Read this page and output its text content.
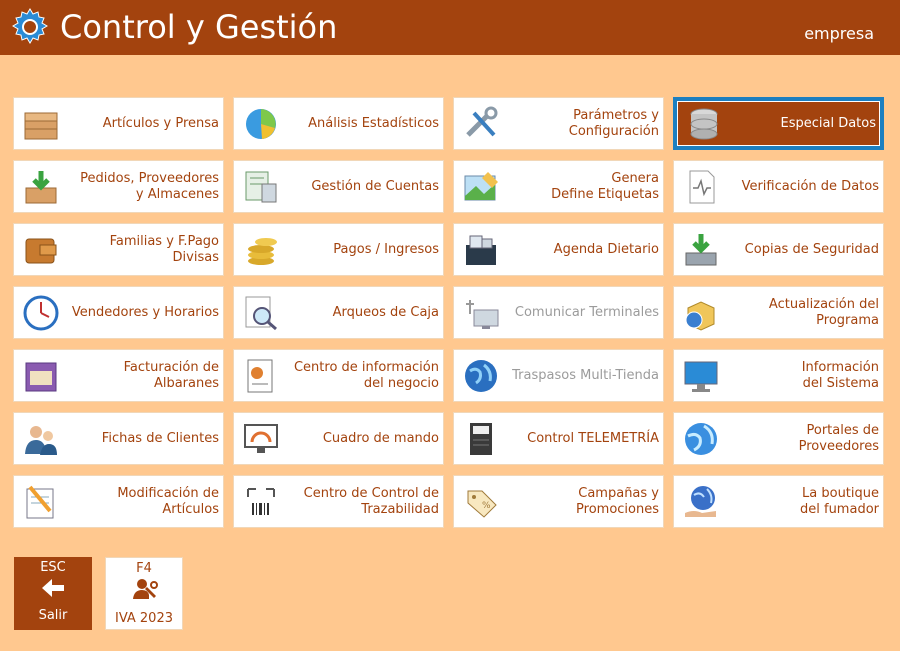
Control y Gestión	empresa
Artículos y Prensa	Análisis Estadísticos
Parámetros y
Configuración
Especial Datos
Pedidos, Proveedores
y Almacenes
Gestión de Cuentas
Genera
Define Etiquetas
Verificación de Datos
Familias y F.Pago
Divisas
Pagos / Ingresos	Agenda Dietario	Copias de Seguridad
Vendedores y Horarios	Arqueos de Caja	Comunicar Terminales
Actualización del
Programa
Facturación de
Albaranes
Centro de información
del negocio
Traspasos Multi-Tienda
Información
del Sistema
Fichas de Clientes	Cuadro de mando	Control TELEMETRÍA
Portales de
Proveedores
Modificación de
Artículos
Centro de Control de
Trazabilidad	%
Campañas y
Promociones
La boutique
del fumador
ESC
Salir
F4
IVA 2023
